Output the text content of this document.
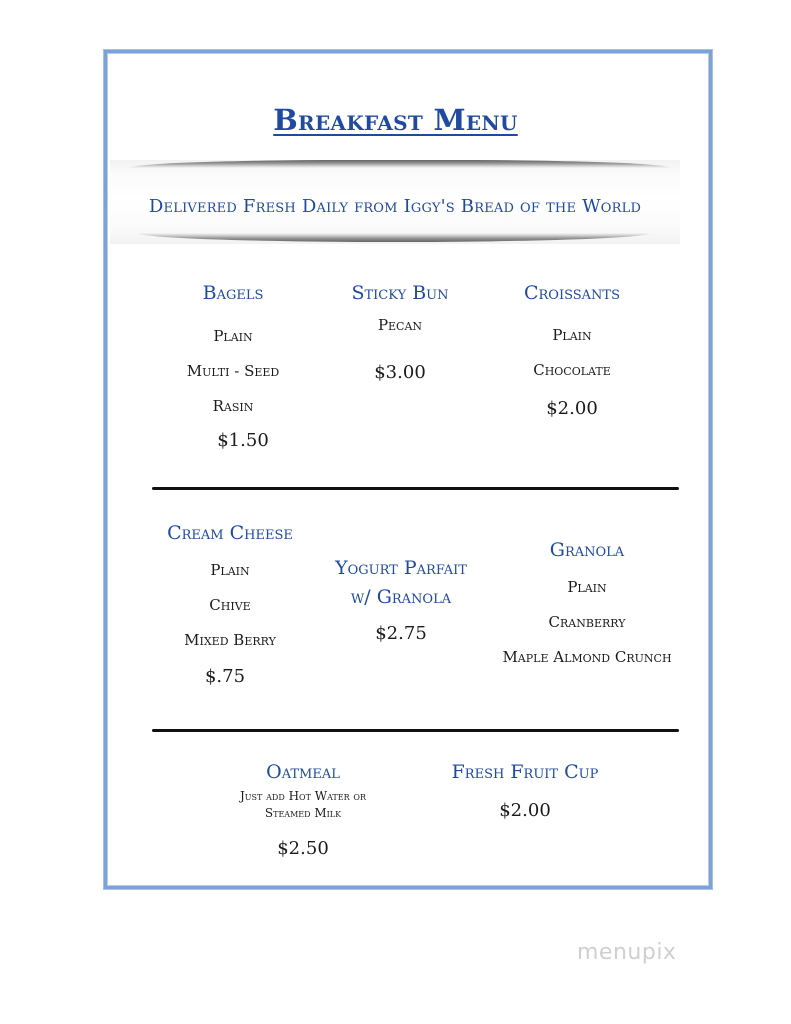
Breakfast Menu
Delivered Fresh Daily from Iggy's Bread of the World
Bagels
Plain
Multi - Seed
Rasin
$1.50
Sticky Bun
Pecan
$3.00
Croissants
Plain
Chocolate
$2.00
Cream Cheese
Plain
Chive
Mixed Berry
$.75
Yogurt Parfait
w/ Granola
$2.75
Granola
Plain
Cranberry
Maple Almond Crunch
Oatmeal
Just add Hot Water or
Steamed Milk
$2.50
Fresh Fruit Cup
$2.00
menupix
